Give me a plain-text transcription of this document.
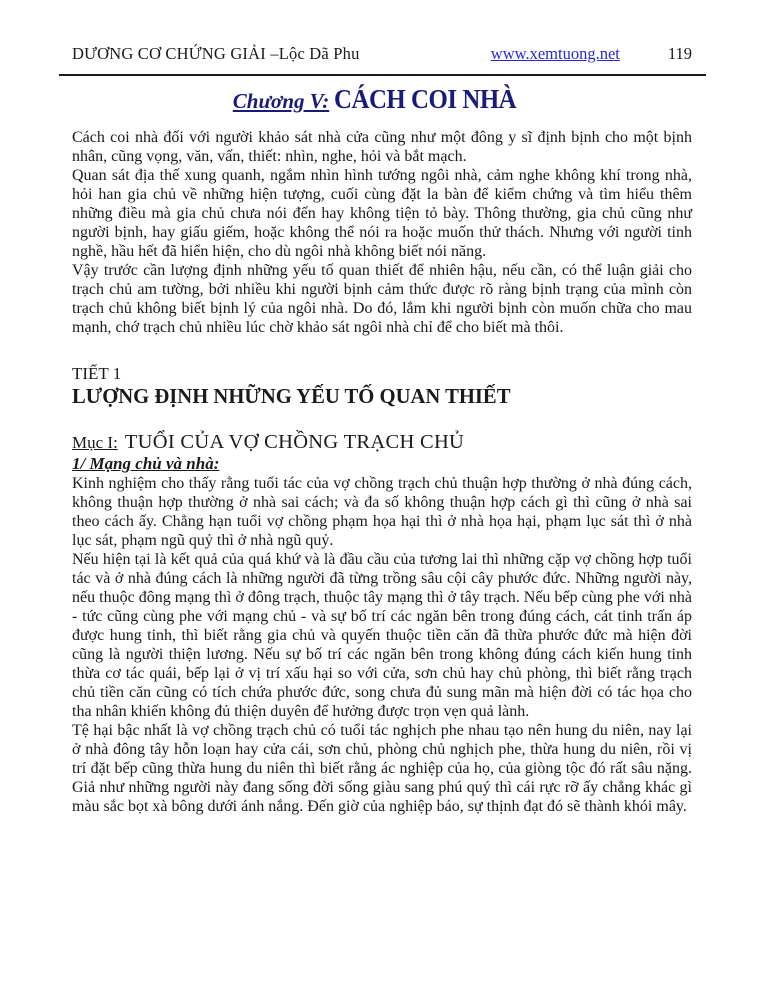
DƯƠNG CƠ CHỨNG GIẢI –Lộc Dã Phu	www.xemtuong.net	119
Chương V: CÁCH COI NHÀ

Cách coi nhà đối với người khảo sát nhà cửa cũng như một đông y sĩ định bịnh cho một bịnh nhân, cũng vọng, văn, vấn, thiết: nhìn, nghe, hỏi và bắt mạch.

Quan sát địa thế xung quanh, ngắm nhìn hình tướng ngôi nhà, cảm nghe không khí trong nhà, hỏi han gia chủ về những hiện tượng, cuối cùng đặt la bàn để kiểm chứng và tìm hiểu thêm những điều mà gia chủ chưa nói đến hay không tiện tỏ bày. Thông thường, gia chủ cũng như người bịnh, hay giấu giếm, hoặc không thể nói ra hoặc muốn thử thách. Nhưng với người tinh nghề, hầu hết đã hiển hiện, cho dù ngôi nhà không biết nói năng.

Vậy trước cần lượng định những yếu tố quan thiết để nhiên hậu, nếu cần, có thể luận giải cho trạch chủ am tường, bởi nhiều khi người bịnh cảm thức được rõ ràng bịnh trạng của mình còn trạch chủ không biết bịnh lý của ngôi nhà. Do đó, lắm khi người bịnh còn muốn chữa cho mau mạnh, chớ trạch chủ nhiều lúc chờ khảo sát ngôi nhà chỉ để cho biết mà thôi.

TIẾT 1
LƯỢNG ĐỊNH NHỮNG YẾU TỐ QUAN THIẾT
Mục I: TUỔI CỦA VỢ CHỒNG TRẠCH CHỦ
1/ Mạng chủ và nhà:

Kinh nghiệm cho thấy rằng tuổi tác của vợ chồng trạch chủ thuận hợp thường ở nhà đúng cách, không thuận hợp thường ở nhà sai cách; và đa số không thuận hợp cách gì thì cũng ở nhà sai theo cách ấy. Chẳng hạn tuổi vợ chồng phạm họa hại thì ở nhà họa hại, phạm lục sát thì ở nhà lục sát, phạm ngũ quỷ thì ở nhà ngũ quỷ.

Nếu hiện tại là kết quả của quá khứ và là đầu cầu của tương lai thì những cặp vợ chồng hợp tuổi tác và ở nhà đúng cách là những người đã từng trồng sâu cội cây phước đức. Những người này, nếu thuộc đông mạng thì ở đông trạch, thuộc tây mạng thì ở tây trạch. Nếu bếp cùng phe với nhà - tức cũng cùng phe với mạng chủ - và sự bố trí các ngăn bên trong đúng cách, cát tinh trấn áp được hung tinh, thì biết rằng gia chủ và quyến thuộc tiền căn đã thừa phước đức mà hiện đời cũng là người thiện lương. Nếu sự bố trí các ngăn bên trong không đúng cách kiến hung tinh thừa cơ tác quái, bếp lại ở vị trí xấu hại so với cửa, sơn chủ hay chủ phòng, thì biết rằng trạch chủ tiền căn cũng có tích chứa phước đức, song chưa đủ sung mãn mà hiện đời có tác họa cho tha nhân khiến không đủ thiện duyên để hưởng được trọn vẹn quả lành.

Tệ hại bậc nhất là vợ chồng trạch chủ có tuổi tác nghịch phe nhau tạo nên hung du niên, nay lại ở nhà đông tây hỗn loạn hay cửa cái, sơn chủ, phòng chủ nghịch phe, thừa hung du niên, rồi vị trí đặt bếp cũng thừa hung du niên thì biết rằng ác nghiệp của họ, của giòng tộc đó rất sâu nặng. Giả như những người này đang sống đời sống giàu sang phú quý thì cái rực rỡ ấy chẳng khác gì màu sắc bọt xà bông dưới ánh nắng. Đến giờ của nghiệp báo, sự thịnh đạt đó sẽ thành khói mây.
